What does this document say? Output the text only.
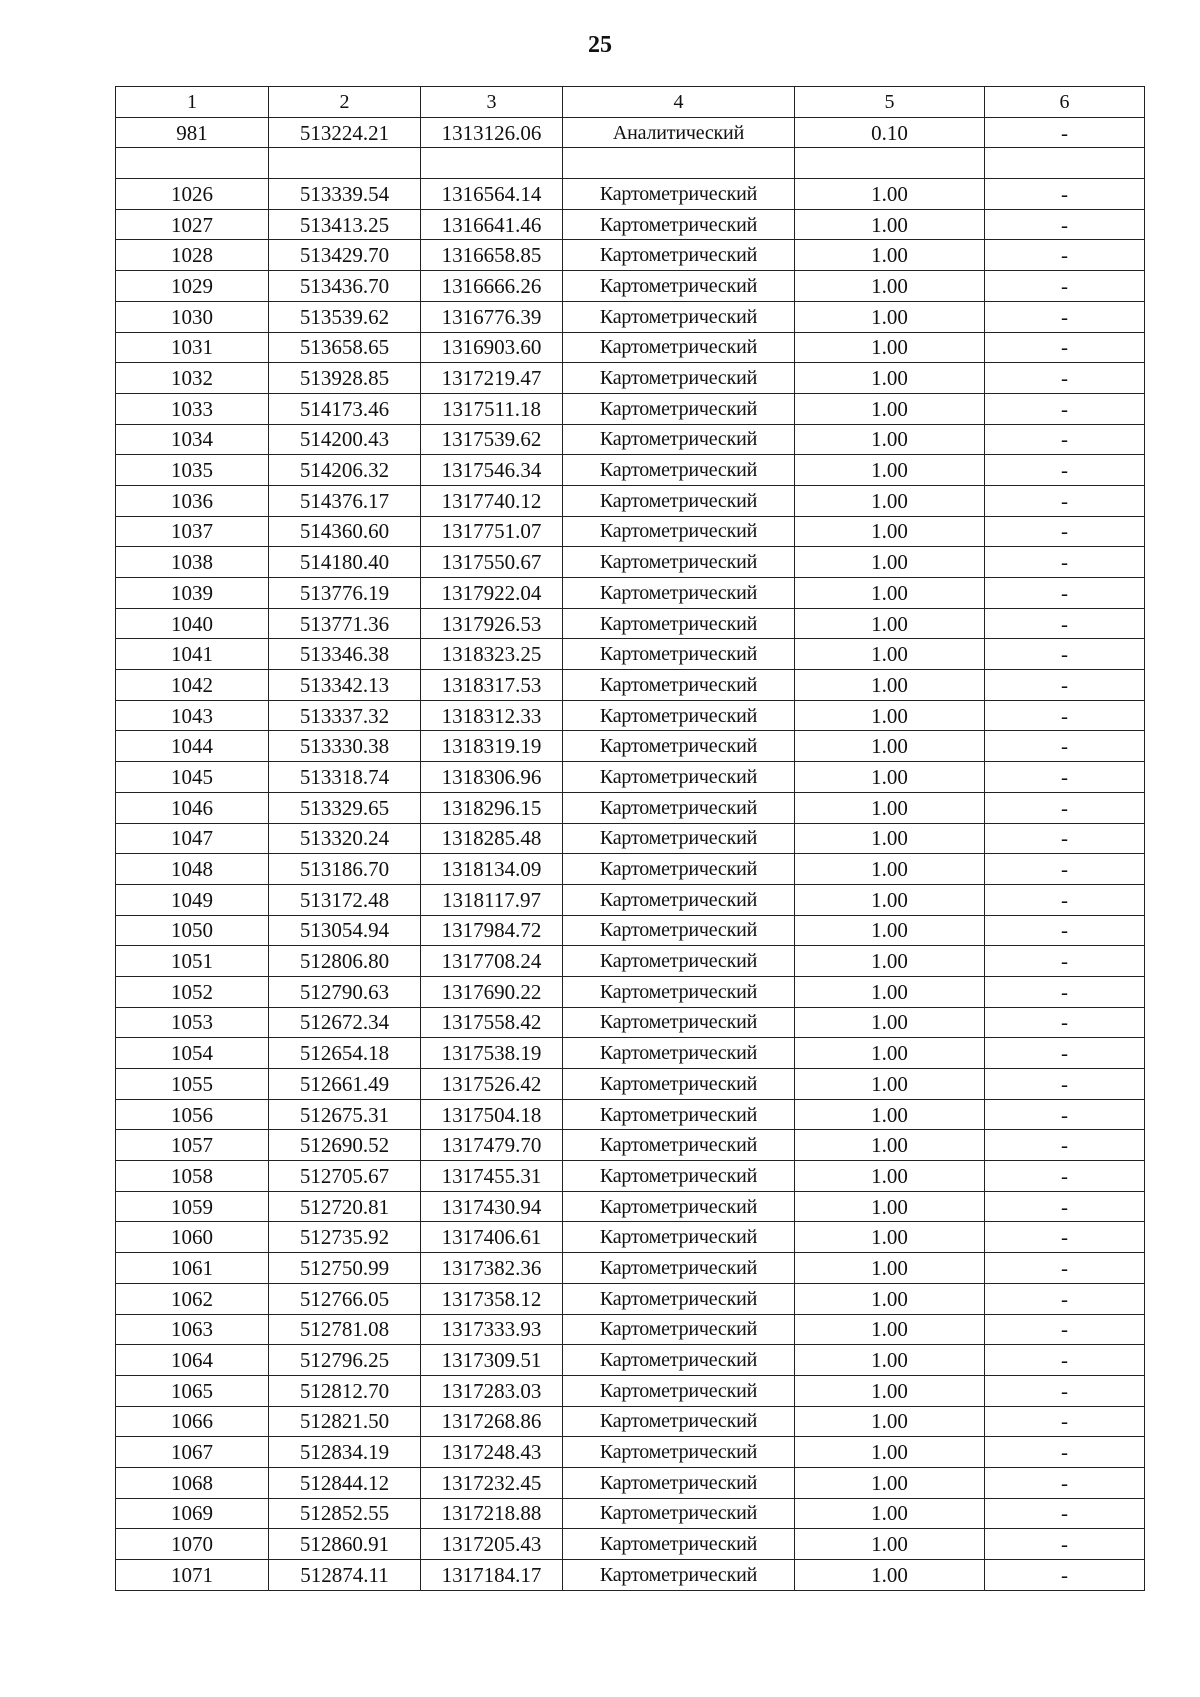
25
1	2	3	4	5	6
981	513224.21	1313126.06	Аналитический	0.10	-

1026	513339.54	1316564.14	Картометрический	1.00	-
1027	513413.25	1316641.46	Картометрический	1.00	-
1028	513429.70	1316658.85	Картометрический	1.00	-
1029	513436.70	1316666.26	Картометрический	1.00	-
1030	513539.62	1316776.39	Картометрический	1.00	-
1031	513658.65	1316903.60	Картометрический	1.00	-
1032	513928.85	1317219.47	Картометрический	1.00	-
1033	514173.46	1317511.18	Картометрический	1.00	-
1034	514200.43	1317539.62	Картометрический	1.00	-
1035	514206.32	1317546.34	Картометрический	1.00	-
1036	514376.17	1317740.12	Картометрический	1.00	-
1037	514360.60	1317751.07	Картометрический	1.00	-
1038	514180.40	1317550.67	Картометрический	1.00	-
1039	513776.19	1317922.04	Картометрический	1.00	-
1040	513771.36	1317926.53	Картометрический	1.00	-
1041	513346.38	1318323.25	Картометрический	1.00	-
1042	513342.13	1318317.53	Картометрический	1.00	-
1043	513337.32	1318312.33	Картометрический	1.00	-
1044	513330.38	1318319.19	Картометрический	1.00	-
1045	513318.74	1318306.96	Картометрический	1.00	-
1046	513329.65	1318296.15	Картометрический	1.00	-
1047	513320.24	1318285.48	Картометрический	1.00	-
1048	513186.70	1318134.09	Картометрический	1.00	-
1049	513172.48	1318117.97	Картометрический	1.00	-
1050	513054.94	1317984.72	Картометрический	1.00	-
1051	512806.80	1317708.24	Картометрический	1.00	-
1052	512790.63	1317690.22	Картометрический	1.00	-
1053	512672.34	1317558.42	Картометрический	1.00	-
1054	512654.18	1317538.19	Картометрический	1.00	-
1055	512661.49	1317526.42	Картометрический	1.00	-
1056	512675.31	1317504.18	Картометрический	1.00	-
1057	512690.52	1317479.70	Картометрический	1.00	-
1058	512705.67	1317455.31	Картометрический	1.00	-
1059	512720.81	1317430.94	Картометрический	1.00	-
1060	512735.92	1317406.61	Картометрический	1.00	-
1061	512750.99	1317382.36	Картометрический	1.00	-
1062	512766.05	1317358.12	Картометрический	1.00	-
1063	512781.08	1317333.93	Картометрический	1.00	-
1064	512796.25	1317309.51	Картометрический	1.00	-
1065	512812.70	1317283.03	Картометрический	1.00	-
1066	512821.50	1317268.86	Картометрический	1.00	-
1067	512834.19	1317248.43	Картометрический	1.00	-
1068	512844.12	1317232.45	Картометрический	1.00	-
1069	512852.55	1317218.88	Картометрический	1.00	-
1070	512860.91	1317205.43	Картометрический	1.00	-
1071	512874.11	1317184.17	Картометрический	1.00	-
